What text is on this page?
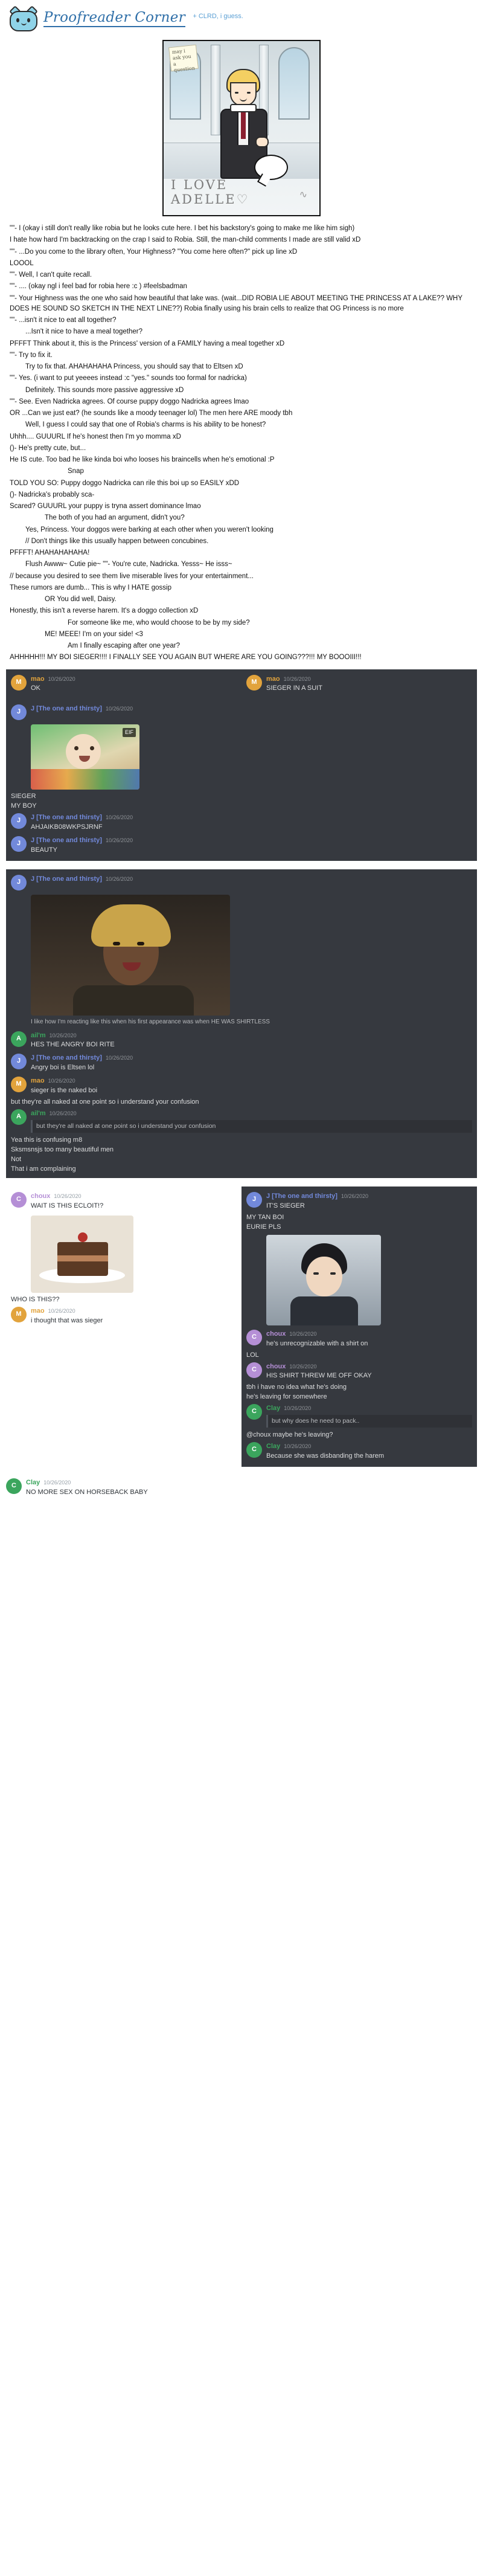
Proofreader Corner + CLRD, i guess.
may i ask you a question
I LOVE
ADELLE♡	∿
""- I (okay i still don't really like robia but he looks cute here. I bet his backstory's going to make me like him sigh)
I hate how hard I'm backtracking on the crap I said to Robia. Still, the man-child comments I made are still valid xD
""- ...Do you come to the library often, Your Highness? "You come here often?" pick up line xD
LOOOL
""- Well, I can't quite recall.
""- .... (okay ngl i feel bad for robia here :c ) #feelsbadman
""- Your Highness was the one who said how beautiful that lake was. (wait...DID ROBIA LIE ABOUT MEETING THE PRINCESS AT A LAKE?? WHY DOES HE SOUND SO SKETCH IN THE NEXT LINE??) Robia finally using his brain cells to realize that OG Princess is no more
""- ...isn't it nice to eat all together?
...Isn't it nice to have a meal together?
PFFFT Think about it, this is the Princess' version of a FAMILY having a meal together xD
""- Try to fix it.
Try to fix that. AHAHAHAHA Princess, you should say that to Eltsen xD
""- Yes. (i want to put yeeees instead :c "yes." sounds too formal for nadricka)
Definitely. This sounds more passive aggressive xD
""- See. Even Nadricka agrees. Of course puppy doggo Nadricka agrees lmao
OR ...Can we just eat? (he sounds like a moody teenager lol) The men here ARE moody tbh
Well, I guess I could say that one of Robia's charms is his ability to be honest?
Uhhh.... GUUURL If he's honest then I'm yo momma xD
()- He's pretty cute, but...
He IS cute. Too bad he like kinda boi who looses his braincells when he's emotional :P
Snap
TOLD YOU SO: Puppy doggo Nadricka can rile this boi up so EASILY xDD
()- Nadricka's probably sca-
Scared? GUUURL your puppy is tryna assert dominance lmao
The both of you had an argument, didn't you?
Yes, Princess. Your doggos were barking at each other when you weren't looking
// Don't things like this usually happen between concubines.
PFFFT! AHAHAHAHAHA!
Flush Awww~ Cutie pie~ ""- You're cute, Nadricka. Yesss~ He isss~
// because you desired to see them live miserable lives for your entertainment...
These rumors are dumb... This is why I HATE gossip
OR You did well, Daisy.
Honestly, this isn't a reverse harem. It's a doggo collection xD
For someone like me, who would choose to be by my side?
ME! MEEE! I'm on your side! <3
Am I finally escaping after one year?
AHHHHH!!! MY BOI SIEGER!!!! I FINALLY SEE YOU AGAIN BUT WHERE ARE YOU GOING???!!! MY BOOOIII!!!
M	mao 10/26/2020
OK
M	mao 10/26/2020
SIEGER IN A SUIT
J	J [The one and thirsty] 10/26/2020
EIF
SIEGER
MY BOY
J	J [The one and thirsty] 10/26/2020
AHJAIKB08WKPSJRNF
J	J [The one and thirsty] 10/26/2020
BEAUTY
J	J [The one and thirsty] 10/26/2020
I like how I'm reacting like this when his first appearance was when HE WAS SHIRTLESS
A	ail'm 10/26/2020
HES THE ANGRY BOI RITE
J	J [The one and thirsty] 10/26/2020
Angry boi is Eltsen lol
M	mao 10/26/2020
sieger is the naked boi
but they're all naked at one point so i understand your confusion
A	ail'm 10/26/2020
but they're all naked at one point so i understand your confusion
Yea this is confusing m8
Sksmsnsjs too many beautiful men
Not
That i am complaining
C	choux 10/26/2020
WAIT IS THIS ECLOIT!?
WHO IS THIS??
M	mao 10/26/2020
i thought that was sieger
J	J [The one and thirsty] 10/26/2020
IT'S SIEGER
MY TAN BOI
EURIE PLS
C	choux 10/26/2020
he's unrecognizable with a shirt on
LOL
C	choux 10/26/2020
HIS SHIRT THREW ME OFF OKAY
tbh i have no idea what he's doing
he's leaving for somewhere
C	Clay 10/26/2020
but why does he need to pack..
@choux maybe he's leaving?
C	Clay 10/26/2020
Because she was disbanding the harem
C	Clay 10/26/2020
NO MORE SEX ON HORSEBACK BABY
